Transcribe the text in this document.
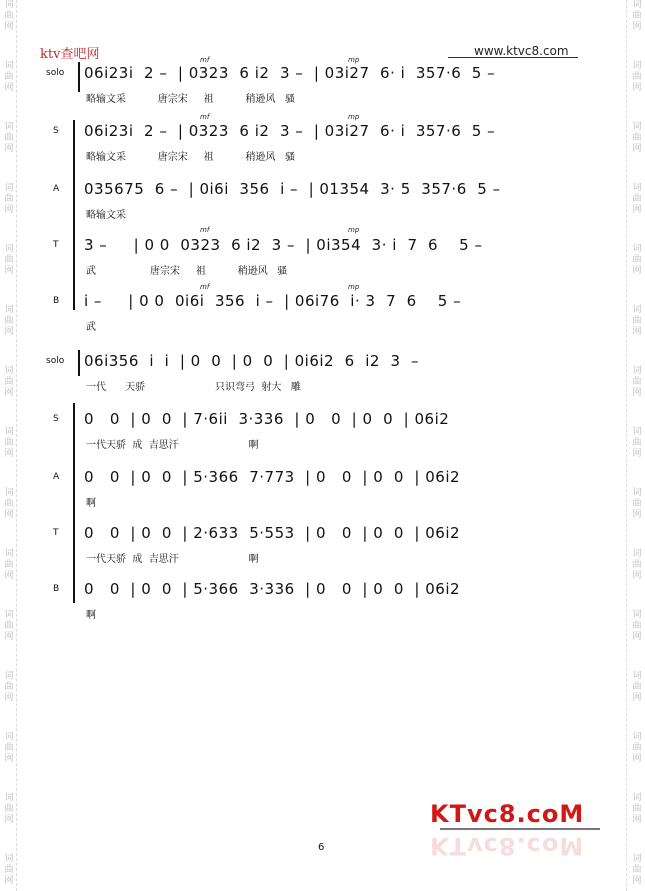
词
曲
网
词
曲
网
词
曲
网
词
曲
网
词
曲
网
词
曲
网
词
曲
网
词
曲
网
词
曲
网
词
曲
网
词
曲
网
词
曲
网
词
曲
网
词
曲
网
词
曲
网
词
曲
网
词
曲
网
词
曲
网
词
曲
网
词
曲
网
词
曲
网
词
曲
网
词
曲
网
词
曲
网
词
曲
网
词
曲
网
词
曲
网
词
曲
网
词
曲
网
词
曲
网
ktv查吧网	www.ktvc8.com
solo 06i23i  2 –  | 0323  6 i2  3 –  | 03i27  6· i  357·6  5 –
略输文采          唐宗宋     祖          稍逊风   骚
S 06i23i  2 –  | 0323  6 i2  3 –  | 03i27  6· i  357·6  5 –
略输文采          唐宗宋     祖          稍逊风   骚
A 035675  6 –  | 0i6i  356  i –  | 01354  3· 5  357·6  5 –
略输文采
T 3 –     | 0 0  0323  6 i2  3 –  | 0i354  3· i  7  6    5 –
武                 唐宗宋     祖          稍逊风   骚
B i –     | 0 0  0i6i  356  i –  | 06i76  i· 3  7  6    5 –
武
solo 06i356  i  i  | 0  0  | 0  0  | 0i6i2  6  i2  3  –
一代      天骄                      只识弯弓  射大   雕
S 0   0  | 0  0  | 7·6ii  3·336  | 0   0  | 0  0  | 06i2
一代天骄  成  吉思汗                      啊
A 0   0  | 0  0  | 5·366  7·773  | 0   0  | 0  0  | 06i2
啊
T 0   0  | 0  0  | 2·633  5·553  | 0   0  | 0  0  | 06i2
一代天骄  成  吉思汗                      啊
B 0   0  | 0  0  | 5·366  3·336  | 0   0  | 0  0  | 06i2
啊
mf	mp
mf	mp
mf	mp
mf	mp
6
KTvc8.coM
KTvc8.coM
